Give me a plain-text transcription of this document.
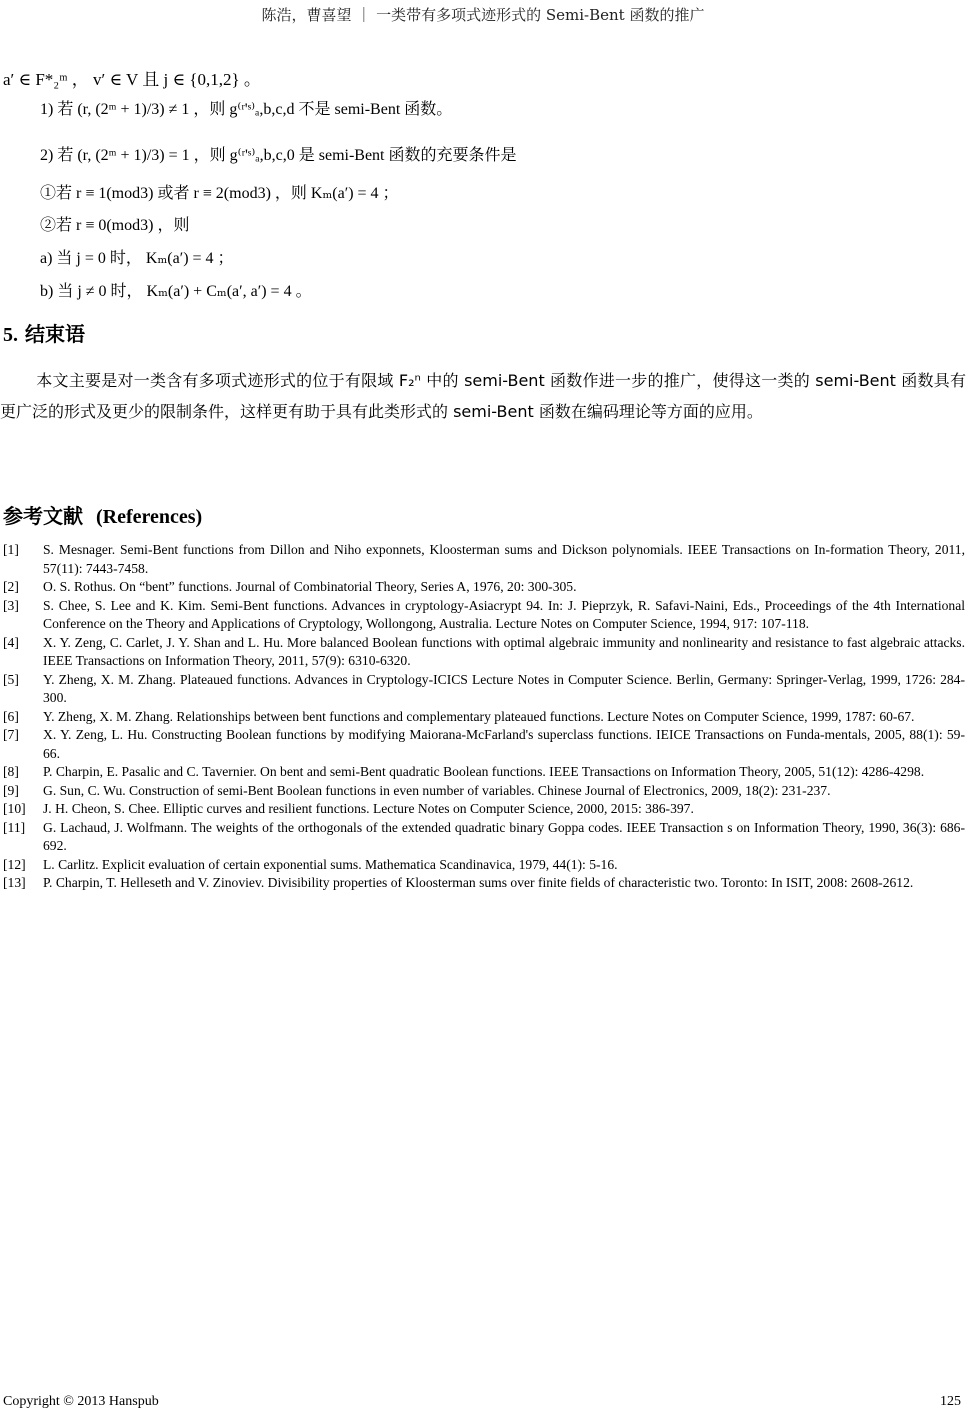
陈浩，曹喜望 ｜ 一类带有多项式迹形式的 Semi-Bent 函数的推广
a′ ∈ F*₂ᵐ ， v′ ∈ V 且 j ∈ {0,1,2} 。
1) 若 (r, (2ᵐ + 1)/3) ≠ 1 ，则 g⁽ʳ'ˢ⁾ₐ,b,c,d 不是 semi-Bent 函数。
2) 若 (r, (2ᵐ + 1)/3) = 1 ，则 g⁽ʳ'ˢ⁾ₐ,b,c,0 是 semi-Bent 函数的充要条件是
①若 r ≡ 1(mod3) 或者 r ≡ 2(mod3) ，则 Kₘ(a′) = 4 ；
②若 r ≡ 0(mod3) ，则
a) 当 j = 0 时， Kₘ(a′) = 4 ；
b) 当 j ≠ 0 时， Kₘ(a′) + Cₘ(a′, a′) = 4 。
5. 结束语
本文主要是对一类含有多项式迹形式的位于有限域 F₂ⁿ 中的 semi-Bent 函数作进一步的推广，使得这一类的 semi-Bent 函数具有更广泛的形式及更少的限制条件，这样更有助于具有此类形式的 semi-Bent 函数在编码理论等方面的应用。
参考文献 (References)
[1]	S. Mesnager. Semi-Bent functions from Dillon and Niho exponnets, Kloosterman sums and Dickson polynomials. IEEE Transactions on In-formation Theory, 2011, 57(11): 7443-7458.
[2]	O. S. Rothus. On “bent” functions. Journal of Combinatorial Theory, Series A, 1976, 20: 300-305.
[3]	S. Chee, S. Lee and K. Kim. Semi-Bent functions. Advances in cryptology-Asiacrypt 94. In: J. Pieprzyk, R. Safavi-Naini, Eds., Proceedings of the 4th International Conference on the Theory and Applications of Cryptology, Wollongong, Australia. Lecture Notes on Computer Science, 1994, 917: 107-118.
[4]	X. Y. Zeng, C. Carlet, J. Y. Shan and L. Hu. More balanced Boolean functions with optimal algebraic immunity and nonlinearity and resistance to fast algebraic attacks. IEEE Transactions on Information Theory, 2011, 57(9): 6310-6320.
[5]	Y. Zheng, X. M. Zhang. Plateaued functions. Advances in Cryptology-ICICS Lecture Notes in Computer Science. Berlin, Germany: Springer-Verlag, 1999, 1726: 284-300.
[6]	Y. Zheng, X. M. Zhang. Relationships between bent functions and complementary plateaued functions. Lecture Notes on Computer Science, 1999, 1787: 60-67.
[7]	X. Y. Zeng, L. Hu. Constructing Boolean functions by modifying Maiorana-McFarland's superclass functions. IEICE Transactions on Funda-mentals, 2005, 88(1): 59-66.
[8]	P. Charpin, E. Pasalic and C. Tavernier. On bent and semi-Bent quadratic Boolean functions. IEEE Transactions on Information Theory, 2005, 51(12): 4286-4298.
[9]	G. Sun, C. Wu. Construction of semi-Bent Boolean functions in even number of variables. Chinese Journal of Electronics, 2009, 18(2): 231-237.
[10]	J. H. Cheon, S. Chee. Elliptic curves and resilient functions. Lecture Notes on Computer Science, 2000, 2015: 386-397.
[11]	G. Lachaud, J. Wolfmann. The weights of the orthogonals of the extended quadratic binary Goppa codes. IEEE Transaction s on Information Theory, 1990, 36(3): 686-692.
[12]	L. Carlitz. Explicit evaluation of certain exponential sums. Mathematica Scandinavica, 1979, 44(1): 5-16.
[13]	P. Charpin, T. Helleseth and V. Zinoviev. Divisibility properties of Kloosterman sums over finite fields of characteristic two. Toronto: In ISIT, 2008: 2608-2612.
Copyright © 2013 Hanspub	125
